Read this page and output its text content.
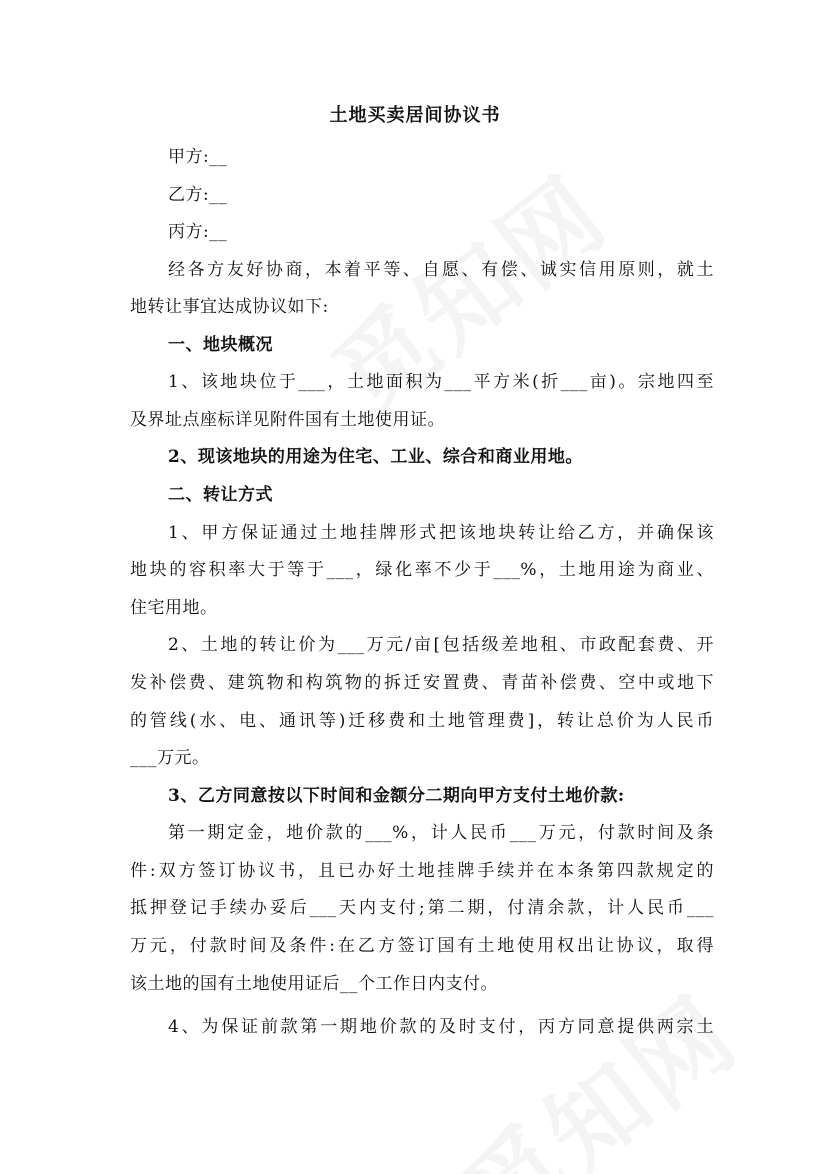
土地买卖居间协议书
甲方:__
乙方:__
丙方:__
经各方友好协商，本着平等、自愿、有偿、诚实信用原则，就土
地转让事宜达成协议如下:
一、地块概况
1、该地块位于___，土地面积为___平方米(折___亩)。宗地四至
及界址点座标详见附件国有土地使用证。
2、现该地块的用途为住宅、工业、综合和商业用地。
二、转让方式
1、甲方保证通过土地挂牌形式把该地块转让给乙方，并确保该
地块的容积率大于等于___，绿化率不少于___%，土地用途为商业、
住宅用地。
2、土地的转让价为___万元/亩[包括级差地租、市政配套费、开
发补偿费、建筑物和构筑物的拆迁安置费、青苗补偿费、空中或地下
的管线(水、电、通讯等)迁移费和土地管理费]，转让总价为人民币
___万元。
3、乙方同意按以下时间和金额分二期向甲方支付土地价款:
第一期定金，地价款的___%，计人民币___万元，付款时间及条
件:双方签订协议书，且已办好土地挂牌手续并在本条第四款规定的
抵押登记手续办妥后___天内支付;第二期，付清余款，计人民币___
万元，付款时间及条件:在乙方签订国有土地使用权出让协议，取得
该土地的国有土地使用证后__个工作日内支付。
4、为保证前款第一期地价款的及时支付，丙方同意提供两宗土
